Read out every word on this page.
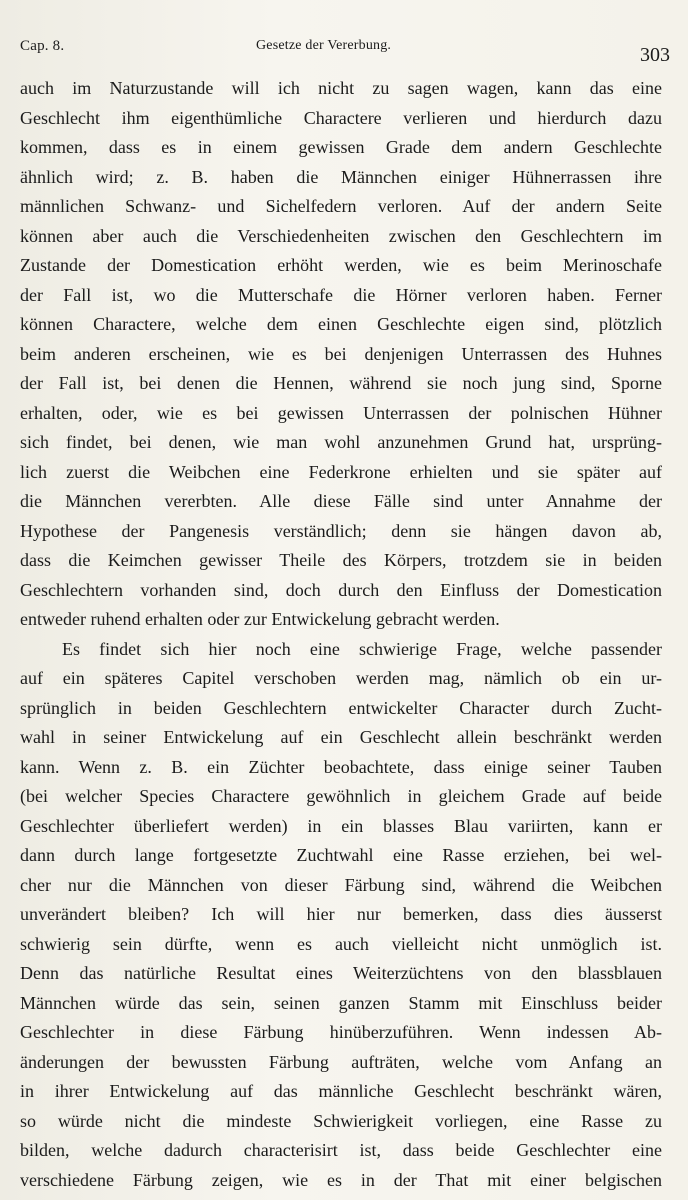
Cap. 8.	Gesetze der Vererbung.	303
auch im Naturzustande will ich nicht zu sagen wagen, kann das eine
Geschlecht ihm eigenthümliche Charactere verlieren und hierdurch dazu
kommen, dass es in einem gewissen Grade dem andern Geschlechte
ähnlich wird; z. B. haben die Männchen einiger Hühnerrassen ihre
männlichen Schwanz- und Sichelfedern verloren. Auf der andern Seite
können aber auch die Verschiedenheiten zwischen den Geschlechtern im
Zustande der Domestication erhöht werden, wie es beim Merinoschafe
der Fall ist, wo die Mutterschafe die Hörner verloren haben. Ferner
können Charactere, welche dem einen Geschlechte eigen sind, plötzlich
beim anderen erscheinen, wie es bei denjenigen Unterrassen des Huhnes
der Fall ist, bei denen die Hennen, während sie noch jung sind, Sporne
erhalten, oder, wie es bei gewissen Unterrassen der polnischen Hühner
sich findet, bei denen, wie man wohl anzunehmen Grund hat, ursprüng-
lich zuerst die Weibchen eine Federkrone erhielten und sie später auf
die Männchen vererbten. Alle diese Fälle sind unter Annahme der
Hypothese der Pangenesis verständlich; denn sie hängen davon ab,
dass die Keimchen gewisser Theile des Körpers, trotzdem sie in beiden
Geschlechtern vorhanden sind, doch durch den Einfluss der Domestication
entweder ruhend erhalten oder zur Entwickelung gebracht werden.
Es findet sich hier noch eine schwierige Frage, welche passender
auf ein späteres Capitel verschoben werden mag, nämlich ob ein ur-
sprünglich in beiden Geschlechtern entwickelter Character durch Zucht-
wahl in seiner Entwickelung auf ein Geschlecht allein beschränkt werden
kann. Wenn z. B. ein Züchter beobachtete, dass einige seiner Tauben
(bei welcher Species Charactere gewöhnlich in gleichem Grade auf beide
Geschlechter überliefert werden) in ein blasses Blau variirten, kann er
dann durch lange fortgesetzte Zuchtwahl eine Rasse erziehen, bei wel-
cher nur die Männchen von dieser Färbung sind, während die Weibchen
unverändert bleiben? Ich will hier nur bemerken, dass dies äusserst
schwierig sein dürfte, wenn es auch vielleicht nicht unmöglich ist.
Denn das natürliche Resultat eines Weiterzüchtens von den blassblauen
Männchen würde das sein, seinen ganzen Stamm mit Einschluss beider
Geschlechter in diese Färbung hinüberzuführen. Wenn indessen Ab-
änderungen der bewussten Färbung aufträten, welche vom Anfang an
in ihrer Entwickelung auf das männliche Geschlecht beschränkt wären,
so würde nicht die mindeste Schwierigkeit vorliegen, eine Rasse zu
bilden, welche dadurch characterisirt ist, dass beide Geschlechter eine
verschiedene Färbung zeigen, wie es in der That mit einer belgischen
